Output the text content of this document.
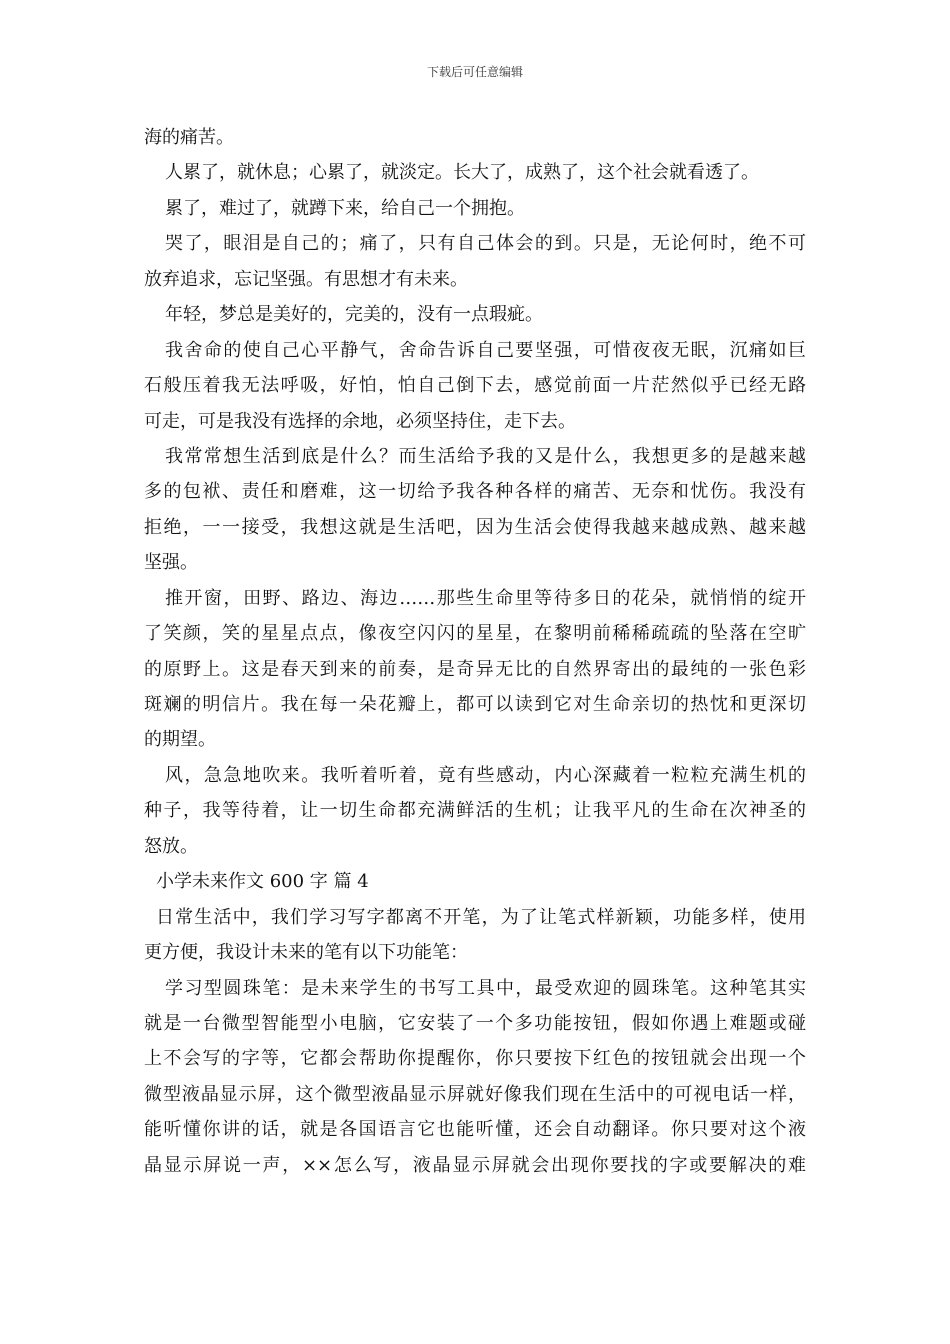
下载后可任意编辑
海的痛苦。
人累了，就休息；心累了，就淡定。长大了，成熟了，这个社会就看透了。
累了，难过了，就蹲下来，给自己一个拥抱。
哭了，眼泪是自己的；痛了，只有自己体会的到。只是，无论何时，绝不可
放弃追求，忘记坚强。有思想才有未来。
年轻，梦总是美好的，完美的，没有一点瑕疵。
我舍命的使自己心平静气，舍命告诉自己要坚强，可惜夜夜无眠，沉痛如巨
石般压着我无法呼吸，好怕，怕自己倒下去，感觉前面一片茫然似乎已经无路
可走，可是我没有选择的余地，必须坚持住，走下去。
我常常想生活到底是什么？而生活给予我的又是什么，我想更多的是越来越
多的包袱、责任和磨难，这一切给予我各种各样的痛苦、无奈和忧伤。我没有
拒绝，一一接受，我想这就是生活吧，因为生活会使得我越来越成熟、越来越
坚强。
推开窗，田野、路边、海边……那些生命里等待多日的花朵，就悄悄的绽开
了笑颜，笑的星星点点，像夜空闪闪的星星，在黎明前稀稀疏疏的坠落在空旷
的原野上。这是春天到来的前奏，是奇异无比的自然界寄出的最纯的一张色彩
斑斓的明信片。我在每一朵花瓣上，都可以读到它对生命亲切的热忱和更深切
的期望。
风，急急地吹来。我听着听着，竟有些感动，内心深藏着一粒粒充满生机的
种子，我等待着，让一切生命都充满鲜活的生机；让我平凡的生命在次神圣的
怒放。
小学未来作文 600 字 篇 4
日常生活中，我们学习写字都离不开笔，为了让笔式样新颖，功能多样，使用
更方便，我设计未来的笔有以下功能笔：
学习型圆珠笔：是未来学生的书写工具中，最受欢迎的圆珠笔。这种笔其实
就是一台微型智能型小电脑，它安装了一个多功能按钮，假如你遇上难题或碰
上不会写的字等，它都会帮助你提醒你，你只要按下红色的按钮就会出现一个
微型液晶显示屏，这个微型液晶显示屏就好像我们现在生活中的可视电话一样，
能听懂你讲的话，就是各国语言它也能听懂，还会自动翻译。你只要对这个液
晶显示屏说一声，××怎么写，液晶显示屏就会出现你要找的字或要解决的难
